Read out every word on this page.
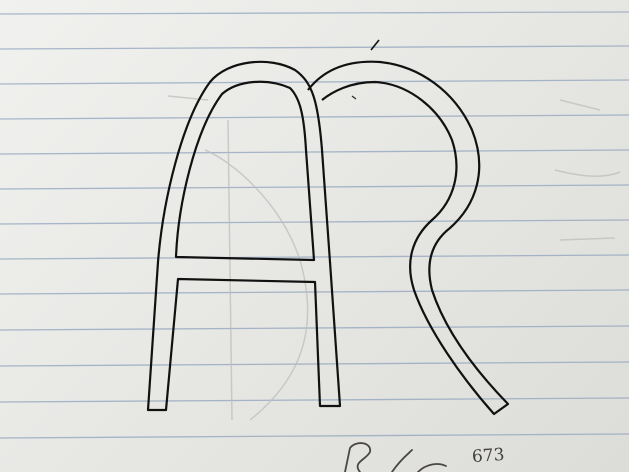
673
